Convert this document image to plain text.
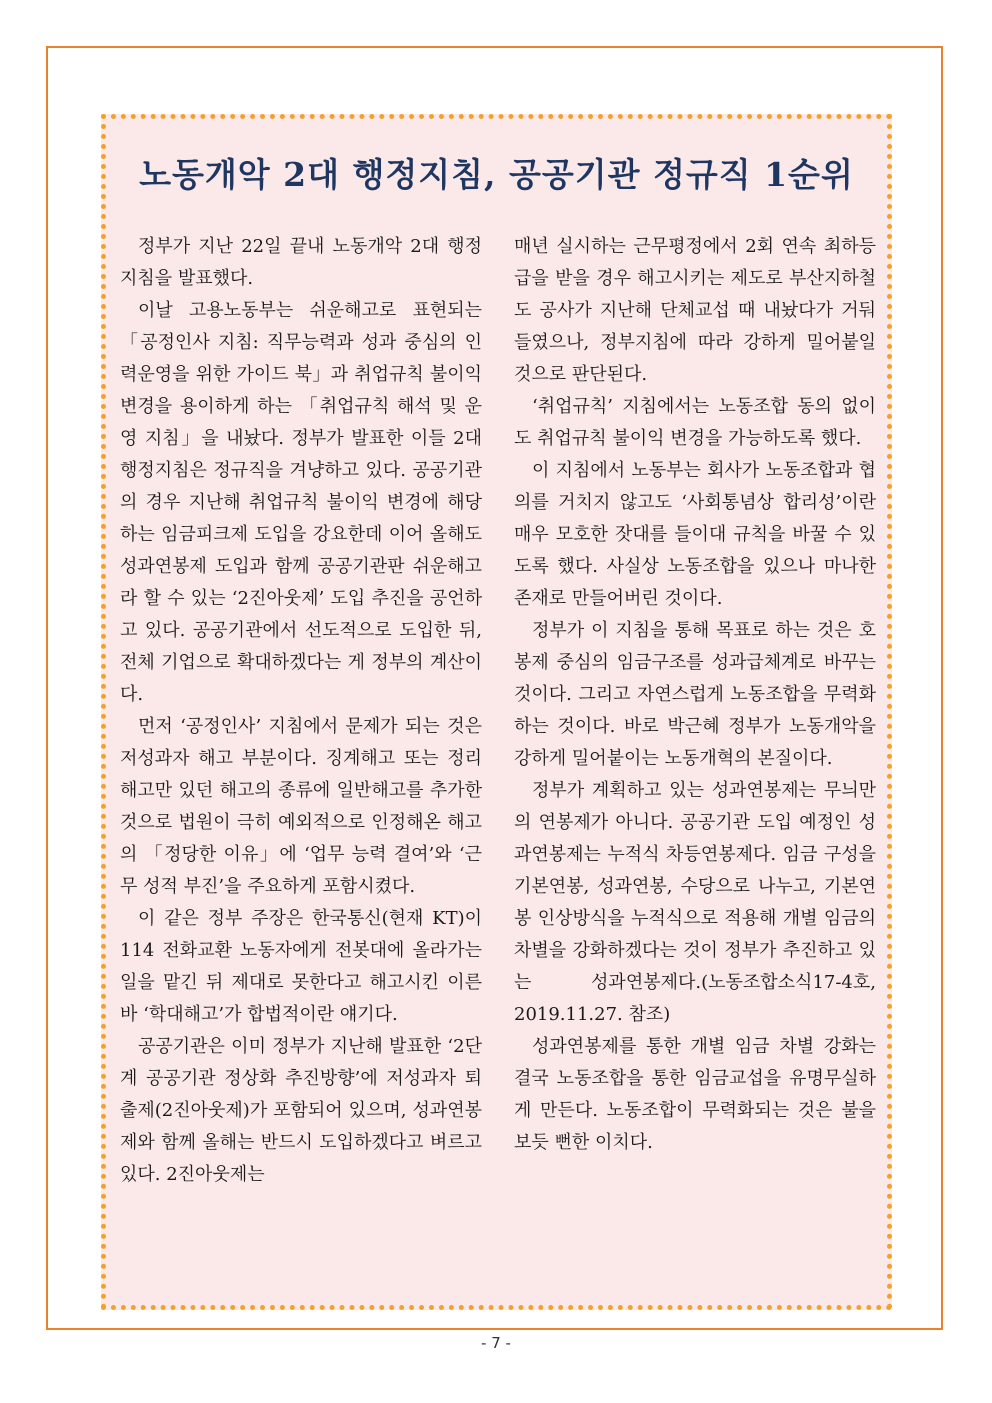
노동개악 2대 행정지침, 공공기관 정규직 1순위

정부가 지난 22일 끝내 노동개악 2대 행정지침을 발표했다.

이날 고용노동부는 쉬운해고로 표현되는 「공정인사 지침: 직무능력과 성과 중심의 인력운영을 위한 가이드 북」과 취업규칙 불이익 변경을 용이하게 하는 「취업규칙 해석 및 운영 지침」을 내놨다. 정부가 발표한 이들 2대 행정지침은 정규직을 겨냥하고 있다. 공공기관의 경우 지난해 취업규칙 불이익 변경에 해당하는 임금피크제 도입을 강요한데 이어 올해도 성과연봉제 도입과 함께 공공기관판 쉬운해고라 할 수 있는 ‘2진아웃제’ 도입 추진을 공언하고 있다. 공공기관에서 선도적으로 도입한 뒤, 전체 기업으로 확대하겠다는 게 정부의 계산이다.

먼저 ‘공정인사’ 지침에서 문제가 되는 것은 저성과자 해고 부분이다. 징계해고 또는 정리해고만 있던 해고의 종류에 일반해고를 추가한 것으로 법원이 극히 예외적으로 인정해온 해고의 「정당한 이유」에 ‘업무 능력 결여’와 ‘근무 성적 부진’을 주요하게 포함시켰다.

이 같은 정부 주장은 한국통신(현재 KT)이 114 전화교환 노동자에게 전봇대에 올라가는 일을 맡긴 뒤 제대로 못한다고 해고시킨 이른바 ‘학대해고’가 합법적이란 얘기다.

공공기관은 이미 정부가 지난해 발표한 ‘2단계 공공기관 정상화 추진방향’에 저성과자 퇴출제(2진아웃제)가 포함되어 있으며, 성과연봉제와 함께 올해는 반드시 도입하겠다고 벼르고 있다. 2진아웃제는

매년 실시하는 근무평정에서 2회 연속 최하등급을 받을 경우 해고시키는 제도로 부산지하철도 공사가 지난해 단체교섭 때 내놨다가 거둬들였으나, 정부지침에 따라 강하게 밀어붙일 것으로 판단된다.

‘취업규칙’ 지침에서는 노동조합 동의 없이도 취업규칙 불이익 변경을 가능하도록 했다.

이 지침에서 노동부는 회사가 노동조합과 협의를 거치지 않고도 ‘사회통념상 합리성’이란 매우 모호한 잣대를 들이대 규칙을 바꿀 수 있도록 했다. 사실상 노동조합을 있으나 마나한 존재로 만들어버린 것이다.

정부가 이 지침을 통해 목표로 하는 것은 호봉제 중심의 임금구조를 성과급체계로 바꾸는 것이다. 그리고 자연스럽게 노동조합을 무력화하는 것이다. 바로 박근혜 정부가 노동개악을 강하게 밀어붙이는 노동개혁의 본질이다.

정부가 계획하고 있는 성과연봉제는 무늬만의 연봉제가 아니다. 공공기관 도입 예정인 성과연봉제는 누적식 차등연봉제다. 임금 구성을 기본연봉, 성과연봉, 수당으로 나누고, 기본연봉 인상방식을 누적식으로 적용해 개별 임금의 차별을 강화하겠다는 것이 정부가 추진하고 있는 성과연봉제다.(노동조합소식17-4호, 2019.11.27. 참조)

성과연봉제를 통한 개별 임금 차별 강화는 결국 노동조합을 통한 임금교섭을 유명무실하게 만든다. 노동조합이 무력화되는 것은 불을 보듯 뻔한 이치다.

- 7 -
